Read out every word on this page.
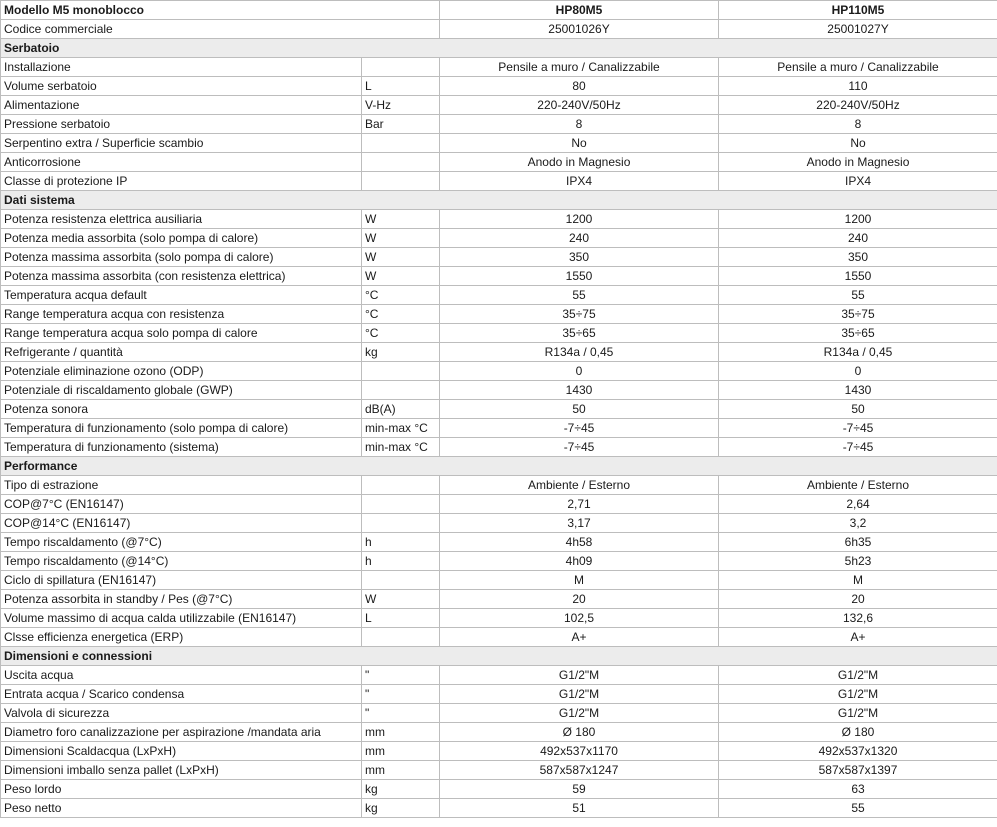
Modello M5 monoblocco		HP80M5	HP110M5
Codice commerciale		25001026Y	25001027Y
Serbatoio			
Installazione		Pensile a muro / Canalizzabile	Pensile a muro / Canalizzabile
Volume serbatoio	L	80	110
Alimentazione	V-Hz	220-240V/50Hz	220-240V/50Hz
Pressione serbatoio	Bar	8	8
Serpentino extra / Superficie scambio		No	No
Anticorrosione		Anodo in Magnesio	Anodo in Magnesio
Classe di protezione IP		IPX4	IPX4
Dati sistema			
Potenza resistenza elettrica ausiliaria	W	1200	1200
Potenza media assorbita (solo pompa di calore)	W	240	240
Potenza massima assorbita (solo pompa di calore)	W	350	350
Potenza massima assorbita (con resistenza elettrica)	W	1550	1550
Temperatura acqua default	°C	55	55
Range temperatura acqua con resistenza	°C	35÷75	35÷75
Range temperatura acqua solo pompa di calore	°C	35÷65	35÷65
Refrigerante / quantità	kg	R134a / 0,45	R134a / 0,45
Potenziale eliminazione ozono (ODP)		0	0
Potenziale di riscaldamento globale (GWP)		1430	1430
Potenza sonora	dB(A)	50	50
Temperatura di funzionamento (solo pompa di calore)	min-max °C	-7÷45	-7÷45
Temperatura di funzionamento (sistema)	min-max °C	-7÷45	-7÷45
Performance			
Tipo di estrazione		Ambiente / Esterno	Ambiente / Esterno
COP@7°C (EN16147)		2,71	2,64
COP@14°C (EN16147)		3,17	3,2
Tempo riscaldamento (@7°C)	h	4h58	6h35
Tempo riscaldamento (@14°C)	h	4h09	5h23
Ciclo di spillatura (EN16147)		M	M
Potenza assorbita in standby / Pes (@7°C)	W	20	20
Volume massimo di acqua calda utilizzabile (EN16147)	L	102,5	132,6
Clsse efficienza energetica (ERP)		A+	A+
Dimensioni e connessioni			
Uscita acqua	"	G1/2"M	G1/2"M
Entrata acqua / Scarico condensa	"	G1/2"M	G1/2"M
Valvola di sicurezza	"	G1/2"M	G1/2"M
Diametro foro canalizzazione per aspirazione /mandata aria	mm	Ø 180	Ø 180
Dimensioni Scaldacqua (LxPxH)	mm	492x537x1170	492x537x1320
Dimensioni imballo senza pallet (LxPxH)	mm	587x587x1247	587x587x1397
Peso lordo	kg	59	63
Peso netto	kg	51	55
